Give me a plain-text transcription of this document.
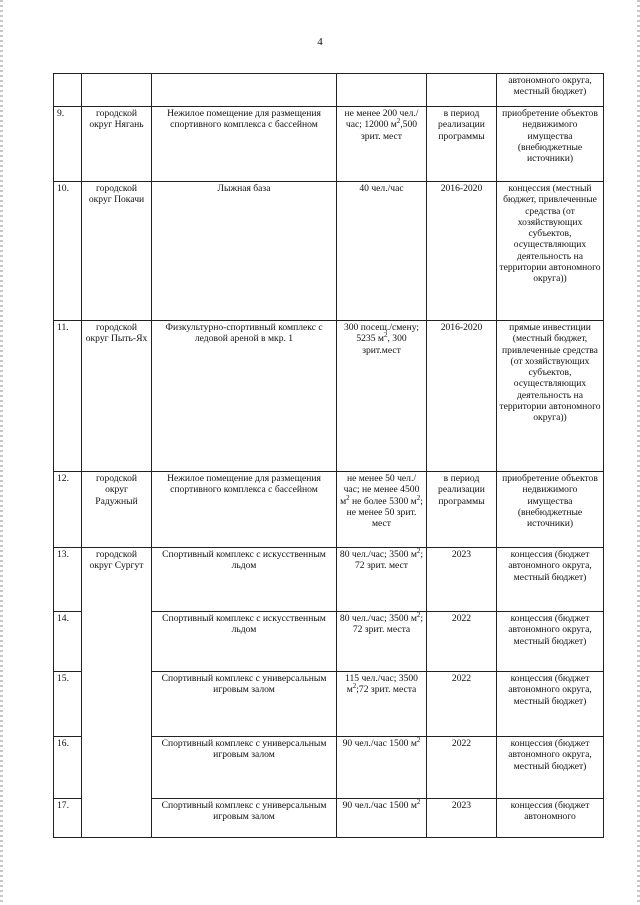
4
					автономного округа, местный бюджет)
9.	городской округ Нягань	Нежилое помещение для размещения спортивного комплекса с бассейном	не менее 200 чел./час; 12000 $м^2,500$ зрит. мест	в период реализации программы	приобретение объектов недвижимого имущества (внебюджетные источники)
10.	городской округ Покачи	Лыжная база	40 чел./час	2016-2020	концессия (местный бюджет, привлеченные средства (от хозяйствующих субъектов, осуществляющих деятельность на территории автономного округа))
11.	городской округ Пыть-Ях	Физкультурно-спортивный комплекс с ледовой ареной в мкр. 1	300 посещ./смену; 5235 $м^2$, 300 зрит.мест	2016-2020	прямые инвестиции (местный бюджет, привлеченные средства (от хозяйствующих субъектов, осуществляющих деятельность на территории автономного округа))
12.	городской округ Радужный	Нежилое помещение для размещения спортивного комплекса с бассейном	не менее 50 чел./час; не менее 4500 $м^2$ не более 5300 $м^2$; не менее 50 зрит. мест	в период реализации программы	приобретение объектов недвижимого имущества (внебюджетные источники)
13.	городской округ Сургут	Спортивный комплекс с искусственным льдом	80 чел./час; 3500 $м^2$; 72 зрит. мест	2023	концессия (бюджет автономного округа, местный бюджет)
14.		Спортивный комплекс с искусственным льдом	80 чел./час; 3500 $м^2$; 72 зрит. места	2022	концессия (бюджет автономного округа, местный бюджет)
15.		Спортивный комплекс с универсальным игровым залом	115 чел./час; 3500 $м^2;72$ зрит. места	2022	концессия (бюджет автономного округа, местный бюджет)
16.		Спортивный комплекс с универсальным игровым залом	90 чел./час 1500 $м^2$	2022	концессия (бюджет автономного округа, местный бюджет)
17.		Спортивный комплекс с универсальным игровым залом	90 чел./час 1500 $м^2$	2023	концессия (бюджет автономного
